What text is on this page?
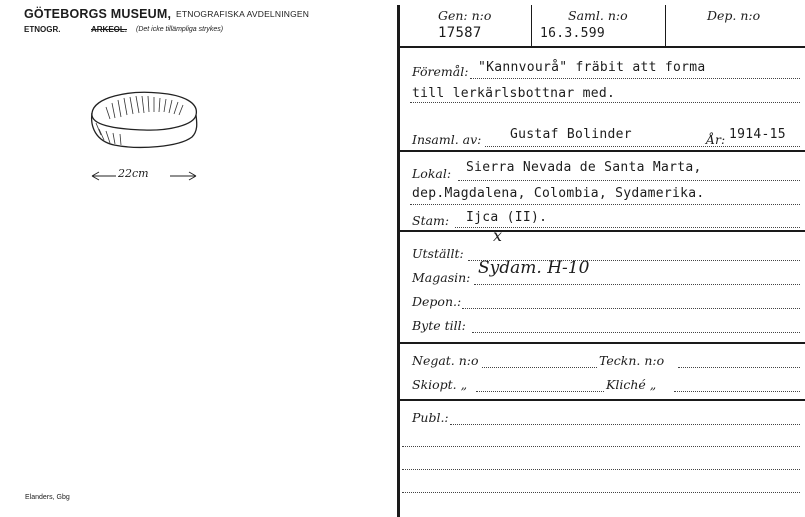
GÖTEBORGS MUSEUM, ETNOGRAFISKA AVDELNINGEN
ETNOGR.	ARKEOL. (Det icke tillämpliga strykes)
22cm
Elanders, Gbg
Gen: n:o
17587
Saml. n:o
16.3.599
Dep. n:o
Föremål: "Kannvourå" fräbit att forma
till lerkärlsbottnar med.
Insaml. av: Gustaf Bolinder	År: 1914-15
Lokal: Sierra Nevada de Santa Marta,
dep.Magdalena, Colombia, Sydamerika.
Stam: Ijca (II).
x
Utställt:
Magasin: Sydam. H-10
Depon.:
Byte till:
Negat. n:o	Teckn. n:o
Skiopt. „	Kliché „
Publ.:
